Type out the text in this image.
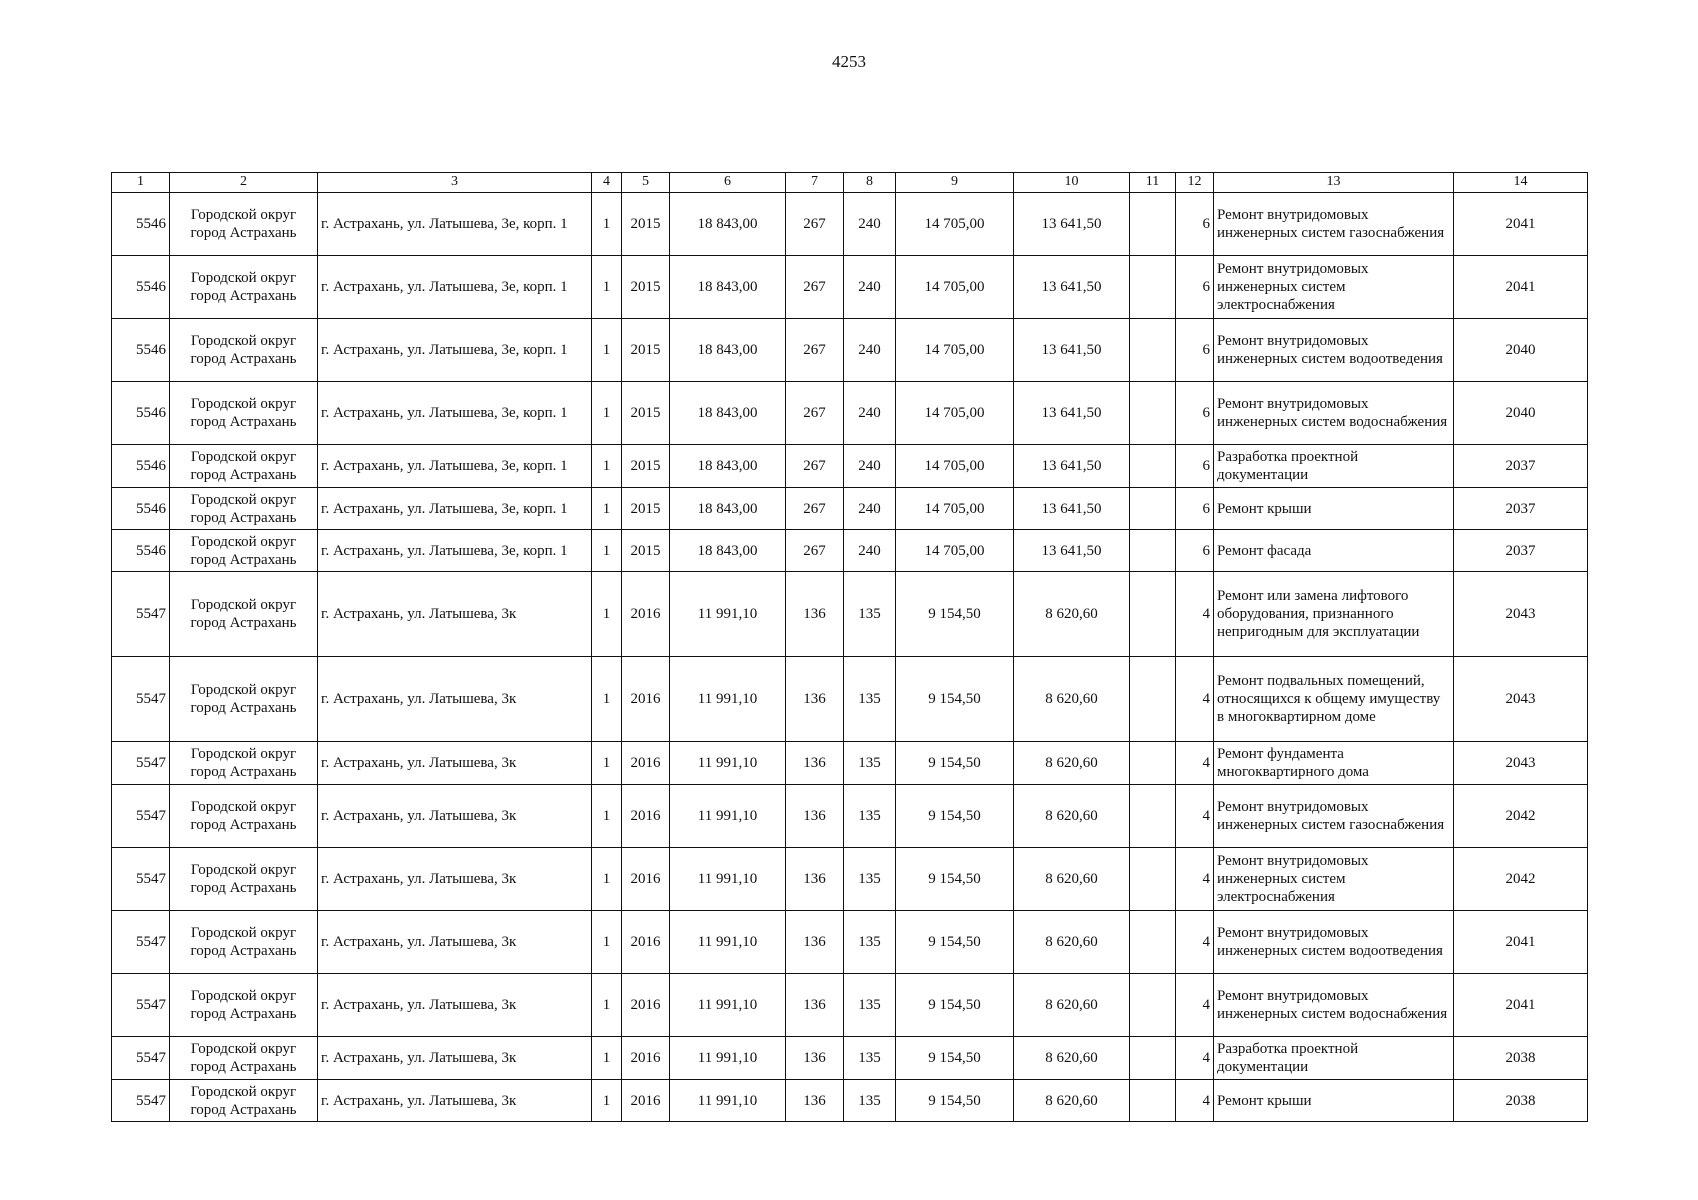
4253
1	2	3	4	5	6	7	8	9	10	11	12	13	14
5546	Городской округ город Астрахань	г. Астрахань, ул. Латышева, 3е, корп. 1	1	2015	18 843,00	267	240	14 705,00	13 641,50		6	Ремонт внутридомовых инженерных систем газоснабжения	2041
5546	Городской округ город Астрахань	г. Астрахань, ул. Латышева, 3е, корп. 1	1	2015	18 843,00	267	240	14 705,00	13 641,50		6	Ремонт внутридомовых инженерных систем электроснабжения	2041
5546	Городской округ город Астрахань	г. Астрахань, ул. Латышева, 3е, корп. 1	1	2015	18 843,00	267	240	14 705,00	13 641,50		6	Ремонт внутридомовых инженерных систем водоотведения	2040
5546	Городской округ город Астрахань	г. Астрахань, ул. Латышева, 3е, корп. 1	1	2015	18 843,00	267	240	14 705,00	13 641,50		6	Ремонт внутридомовых инженерных систем водоснабжения	2040
5546	Городской округ город Астрахань	г. Астрахань, ул. Латышева, 3е, корп. 1	1	2015	18 843,00	267	240	14 705,00	13 641,50		6	Разработка проектной документации	2037
5546	Городской округ город Астрахань	г. Астрахань, ул. Латышева, 3е, корп. 1	1	2015	18 843,00	267	240	14 705,00	13 641,50		6	Ремонт крыши	2037
5546	Городской округ город Астрахань	г. Астрахань, ул. Латышева, 3е, корп. 1	1	2015	18 843,00	267	240	14 705,00	13 641,50		6	Ремонт фасада	2037
5547	Городской округ город Астрахань	г. Астрахань, ул. Латышева, 3к	1	2016	11 991,10	136	135	9 154,50	8 620,60		4	Ремонт или замена лифтового оборудования, признанного непригодным для эксплуатации	2043
5547	Городской округ город Астрахань	г. Астрахань, ул. Латышева, 3к	1	2016	11 991,10	136	135	9 154,50	8 620,60		4	Ремонт подвальных помещений, относящихся к общему имуществу в многоквартирном доме	2043
5547	Городской округ город Астрахань	г. Астрахань, ул. Латышева, 3к	1	2016	11 991,10	136	135	9 154,50	8 620,60		4	Ремонт фундамента многоквартирного дома	2043
5547	Городской округ город Астрахань	г. Астрахань, ул. Латышева, 3к	1	2016	11 991,10	136	135	9 154,50	8 620,60		4	Ремонт внутридомовых инженерных систем газоснабжения	2042
5547	Городской округ город Астрахань	г. Астрахань, ул. Латышева, 3к	1	2016	11 991,10	136	135	9 154,50	8 620,60		4	Ремонт внутридомовых инженерных систем электроснабжения	2042
5547	Городской округ город Астрахань	г. Астрахань, ул. Латышева, 3к	1	2016	11 991,10	136	135	9 154,50	8 620,60		4	Ремонт внутридомовых инженерных систем водоотведения	2041
5547	Городской округ город Астрахань	г. Астрахань, ул. Латышева, 3к	1	2016	11 991,10	136	135	9 154,50	8 620,60		4	Ремонт внутридомовых инженерных систем водоснабжения	2041
5547	Городской округ город Астрахань	г. Астрахань, ул. Латышева, 3к	1	2016	11 991,10	136	135	9 154,50	8 620,60		4	Разработка проектной документации	2038
5547	Городской округ город Астрахань	г. Астрахань, ул. Латышева, 3к	1	2016	11 991,10	136	135	9 154,50	8 620,60		4	Ремонт крыши	2038
